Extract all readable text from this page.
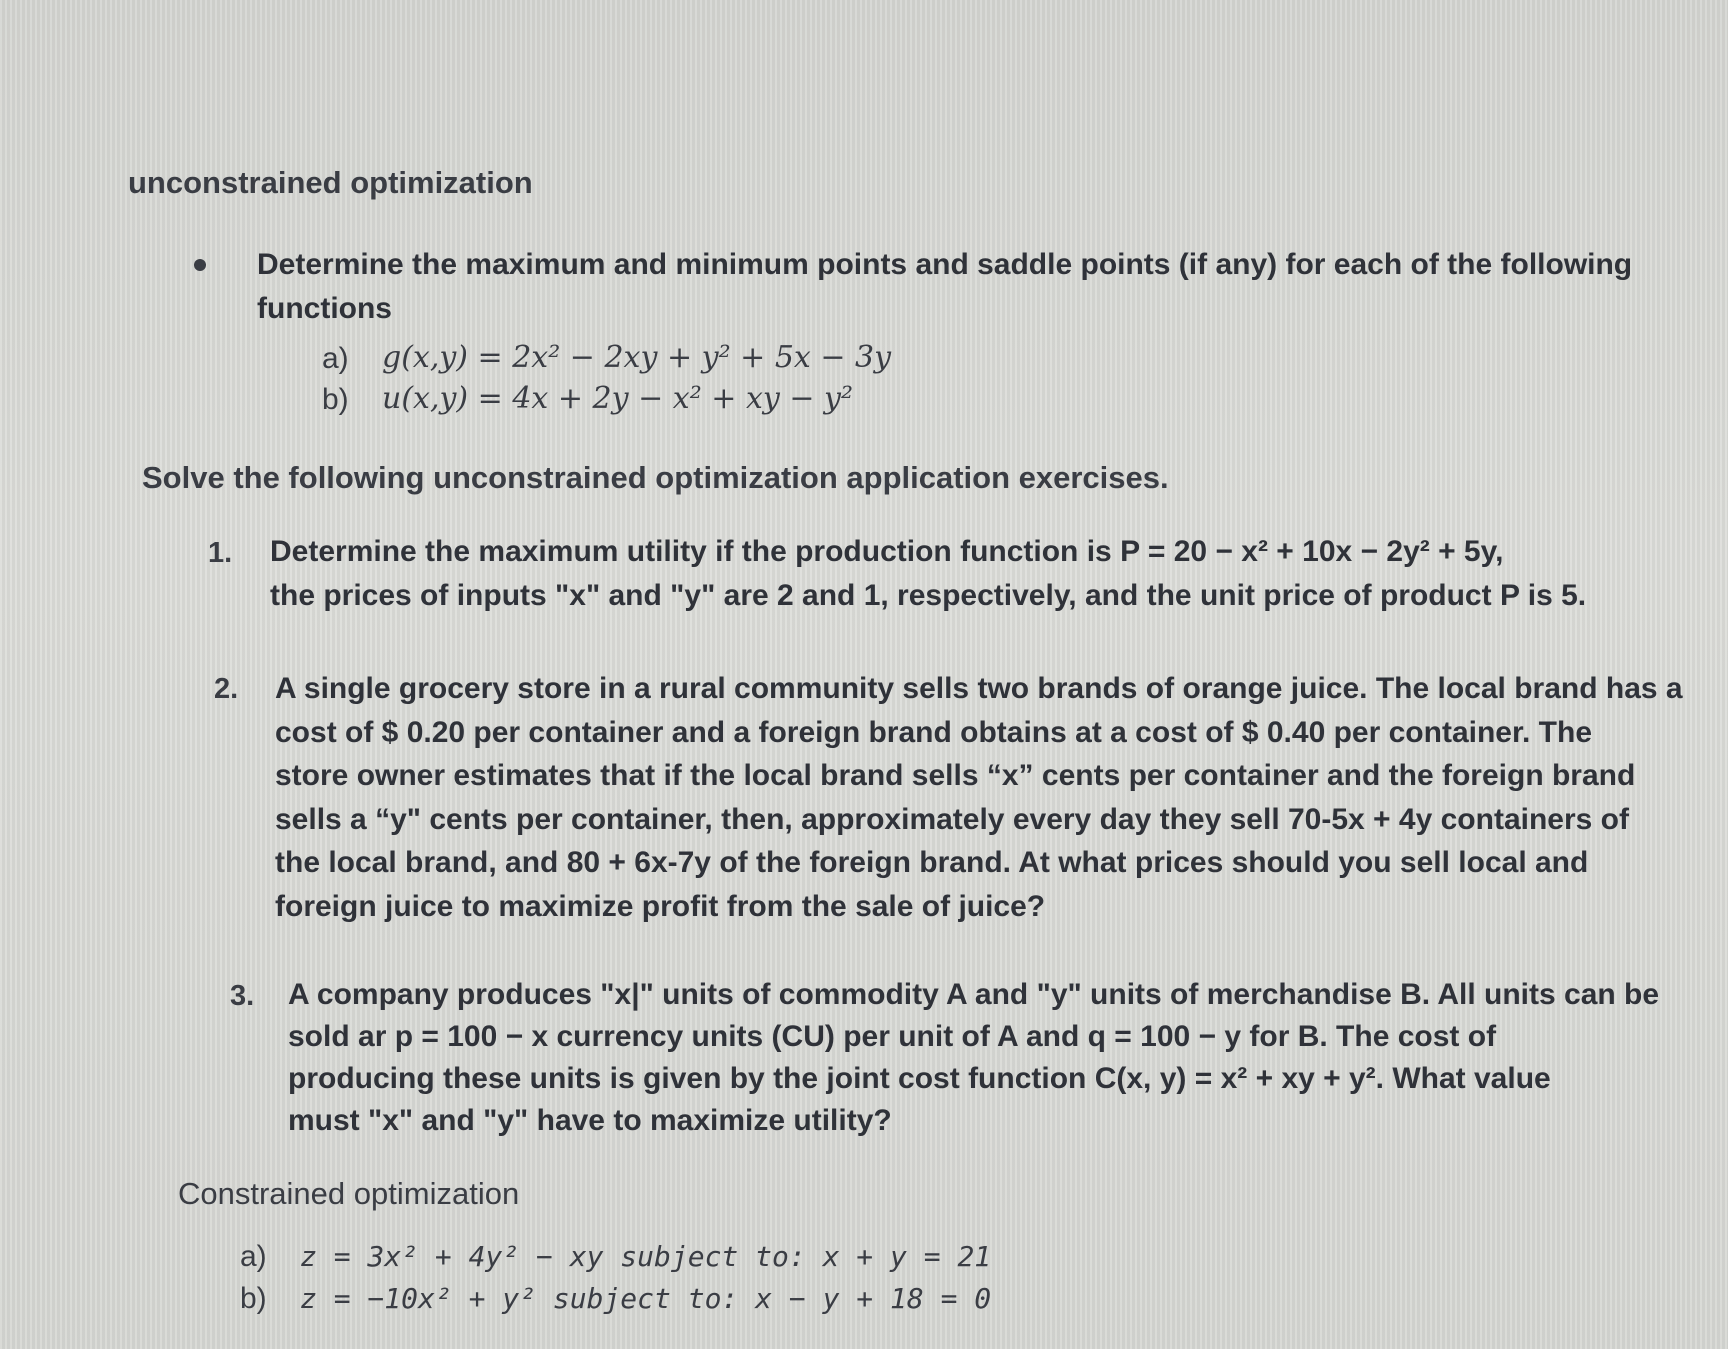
unconstrained optimization
Determine the maximum and minimum points and saddle points (if any) for each of the following
functions
a) g(x,y) = 2x² − 2xy + y² + 5x − 3y
b) u(x,y) = 4x + 2y − x² + xy − y²
Solve the following unconstrained optimization application exercises.
1. Determine the maximum utility if the production function is P = 20 − x² + 10x − 2y² + 5y,
the prices of inputs "x" and "y" are 2 and 1, respectively, and the unit price of product P is 5.
2. A single grocery store in a rural community sells two brands of orange juice. The local brand has a
cost of $ 0.20 per container and a foreign brand obtains at a cost of $ 0.40 per container. The
store owner estimates that if the local brand sells “x” cents per container and the foreign brand
sells a “y" cents per container, then, approximately every day they sell 70-5x + 4y containers of
the local brand, and 80 + 6x-7y of the foreign brand. At what prices should you sell local and
foreign juice to maximize profit from the sale of juice?
3. A company produces "x|" units of commodity A and "y" units of merchandise B. All units can be
sold ar p = 100 − x currency units (CU) per unit of A and q = 100 − y for B. The cost of
producing these units is given by the joint cost function C(x, y) = x² + xy + y². What value
must "x" and "y" have to maximize utility?
Constrained optimization
a) z = 3x² + 4y² − xy subject to: x + y = 21
b) z = −10x² + y² subject to: x − y + 18 = 0
